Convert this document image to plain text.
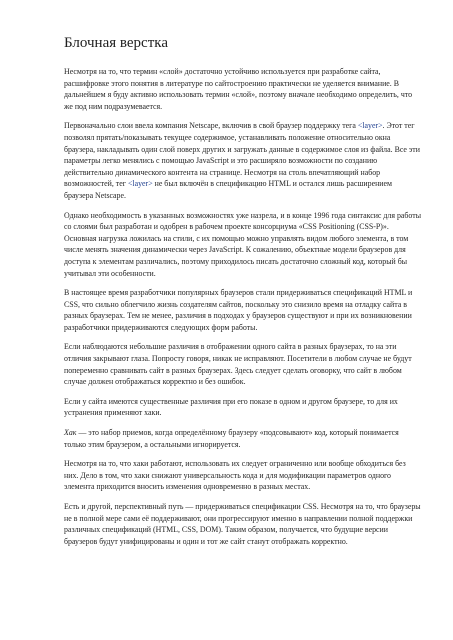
Блочная верстка

Несмотря на то, что термин «слой» достаточно устойчиво используется при разработке сайта, расшифровке этого понятия в литературе по сайтостроению практически не уделяется внимание. В дальнейшем я буду активно использовать термин «слой», поэтому вначале необходимо определить, что же под ним подразумевается.

Первоначально слои ввела компания Netscape, включив в свой браузер поддержку тега <layer>. Этот тег позволял прятать/показывать текущее содержимое, устанавливать положение относительно окна браузера, накладывать один слой поверх других и загружать данные в содержимое слоя из файла. Все эти параметры легко менялись с помощью JavaScript и это расширяло возможности по созданию действительно динамического контента на странице. Несмотря на столь впечатляющий набор возможностей, тег <layer> не был включён в спецификацию HTML и остался лишь расширением браузера Netscape.

Однако необходимость в указанных возможностях уже назрела, и в конце 1996 года синтаксис для работы со слоями был разработан и одобрен в рабочем проекте консорциума «CSS Positioning (CSS-P)». Основная нагрузка ложилась на стили, с их помощью можно управлять видом любого элемента, в том числе менять значения динамически через JavaScript. К сожалению, объектные модели браузеров для доступа к элементам различались, поэтому приходилось писать достаточно сложный код, который бы учитывал эти особенности.

В настоящее время разработчики популярных браузеров стали придерживаться спецификаций HTML и CSS, что сильно облегчило жизнь создателям сайтов, поскольку это снизило время на отладку сайта в разных браузерах. Тем не менее, различия в подходах у браузеров существуют и при их возникновении разработчики придерживаются следующих форм работы.

Если наблюдаются небольшие различия в отображении одного сайта в разных браузерах, то на эти отличия закрывают глаза. Попросту говоря, никак не исправляют. Посетители в любом случае не будут попеременно сравнивать сайт в разных браузерах. Здесь следует сделать оговорку, что сайт в любом случае должен отображаться корректно и без ошибок.

Если у сайта имеются существенные различия при его показе в одном и другом браузере, то для их устранения применяют хаки.

Хак — это набор приемов, когда определённому браузеру «подсовывают» код, который понимается только этим браузером, а остальными игнорируется.

Несмотря на то, что хаки работают, использовать их следует ограниченно или вообще обходиться без них. Дело в том, что хаки снижают универсальность кода и для модификации параметров одного элемента приходится вносить изменения одновременно в разных местах.

Есть и другой, перспективный путь — придерживаться спецификации CSS. Несмотря на то, что браузеры не в полной мере сами её поддерживают, они прогрессируют именно в направлении полной поддержки различных спецификаций (HTML, CSS, DOM). Таким образом, получается, что будущие версии браузеров будут унифицированы и один и тот же сайт станут отображать корректно.
